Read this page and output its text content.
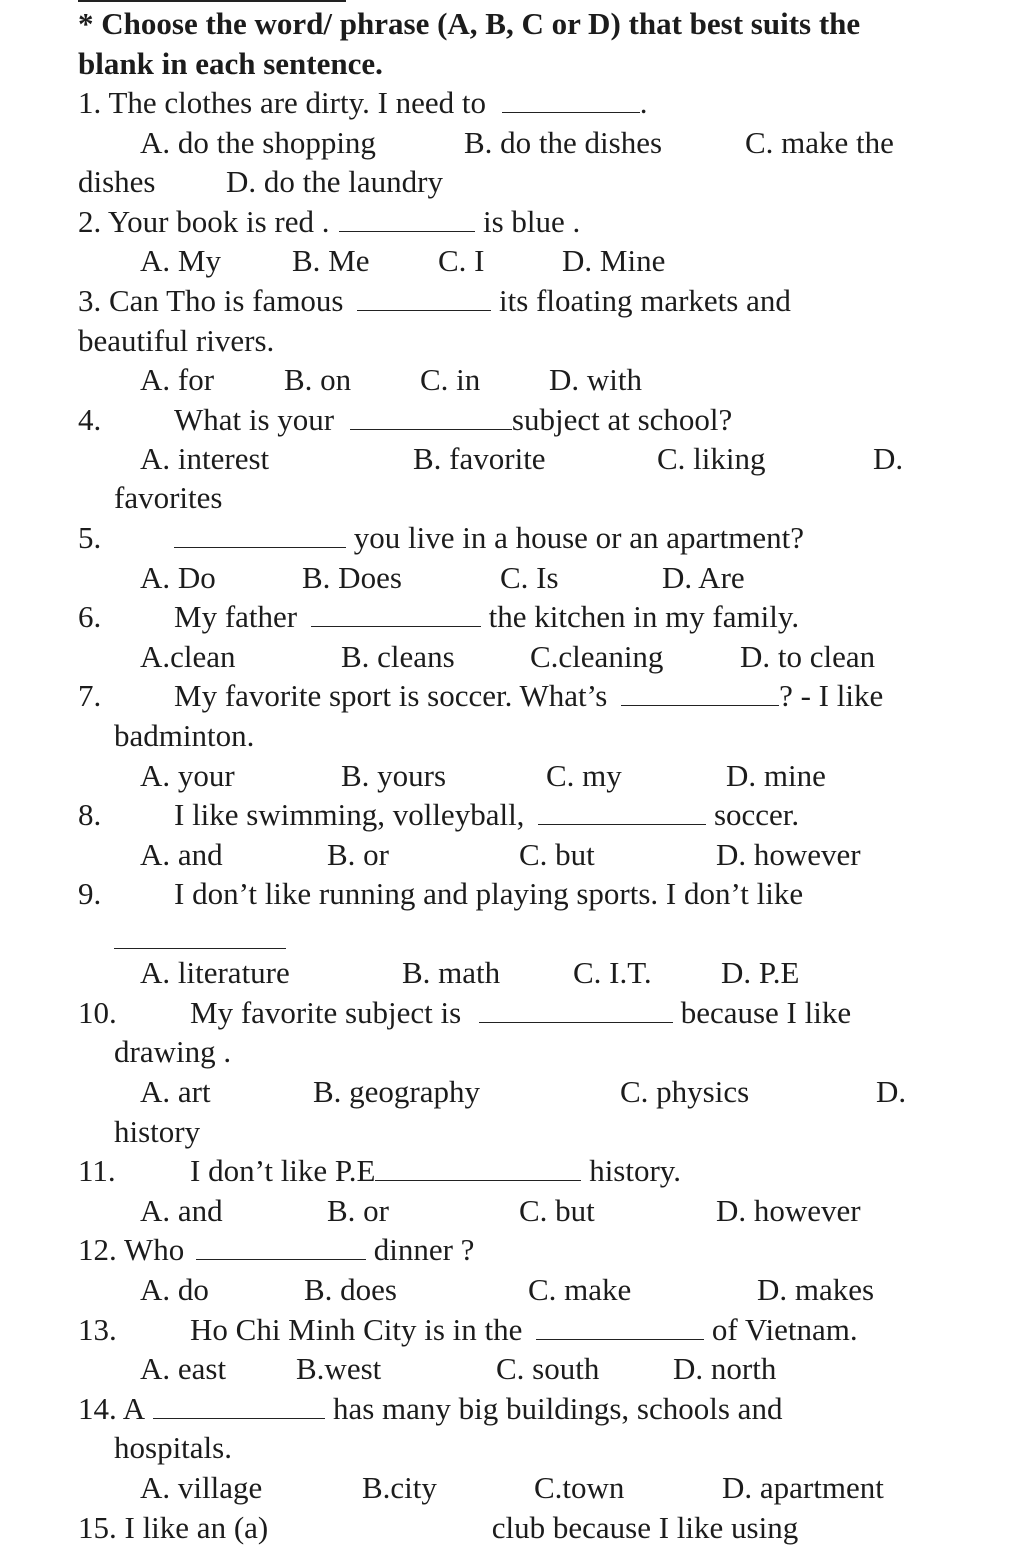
* Choose the word/ phrase (A, B, C or D) that best suits the
blank in each sentence.
1. The clothes are dirty. I need to	.
A. do the shopping	B. do the dishes	C. make the
dishes D. do the laundry
2. Your book is red .	is blue .
A. My B. Me C. I	D. Mine
3. Can Tho is famous	its floating markets and
beautiful rivers.
A. for B. on C. in D. with
4. What is your	subject at school?
A. interest	B. favorite	C. liking	D.
favorites
5.	you live in a house or an apartment?
A. Do	B. Does	C. Is	D. Are
6. My father	the kitchen in my family.
A.clean	B. cleans C.cleaning D. to clean
7. My favorite sport is soccer. What’s	? - I like
badminton.
A. your	B. yours	C. my	D. mine
8. I like swimming, volleyball,	soccer.
A. and	B. or	C. but	D. however
9. I don’t like running and playing sports. I don’t like
A. literature	B. math C. I.T. D. P.E
10. My favorite subject is	because I like
drawing .
A. art	B. geography	C. physics	D.
history
11. I don’t like P.E	history.
A. and	B. or	C. but	D. however
12. Who	dinner ?
A. do	B. does	C. make	D. makes
13. Ho Chi Minh City is in the	of Vietnam.
A. east B.west	C. south D. north
14. A	has many big buildings, schools and
hospitals.
A. village	B.city	C.town	D. apartment
15. I like an (a)	club because I like using
